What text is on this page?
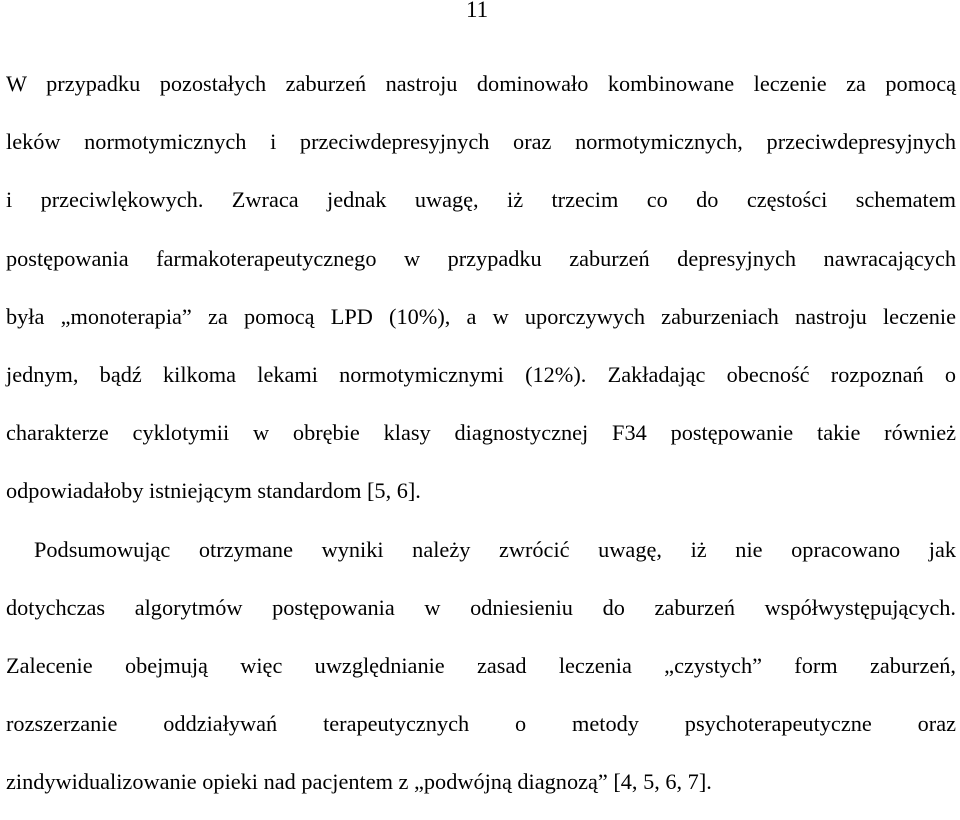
11
W przypadku pozostałych zaburzeń nastroju dominowało kombinowane leczenie za pomocą
leków normotymicznych i przeciwdepresyjnych oraz normotymicznych, przeciwdepresyjnych
i przeciwlękowych. Zwraca jednak uwagę, iż trzecim co do częstości schematem
postępowania farmakoterapeutycznego w przypadku zaburzeń depresyjnych nawracających
była „monoterapia” za pomocą LPD (10%), a w uporczywych zaburzeniach nastroju leczenie
jednym, bądź kilkoma lekami normotymicznymi (12%). Zakładając obecność rozpoznań o
charakterze cyklotymii w obrębie klasy diagnostycznej F34 postępowanie takie również
odpowiadałoby istniejącym standardom [5, 6].
Podsumowując otrzymane wyniki należy zwrócić uwagę, iż nie opracowano jak
dotychczas algorytmów postępowania w odniesieniu do zaburzeń współwystępujących.
Zalecenie obejmują więc uwzględnianie zasad leczenia „czystych” form zaburzeń,
rozszerzanie oddziaływań terapeutycznych o metody psychoterapeutyczne oraz
zindywidualizowanie opieki nad pacjentem z „podwójną diagnozą” [4, 5, 6, 7].
